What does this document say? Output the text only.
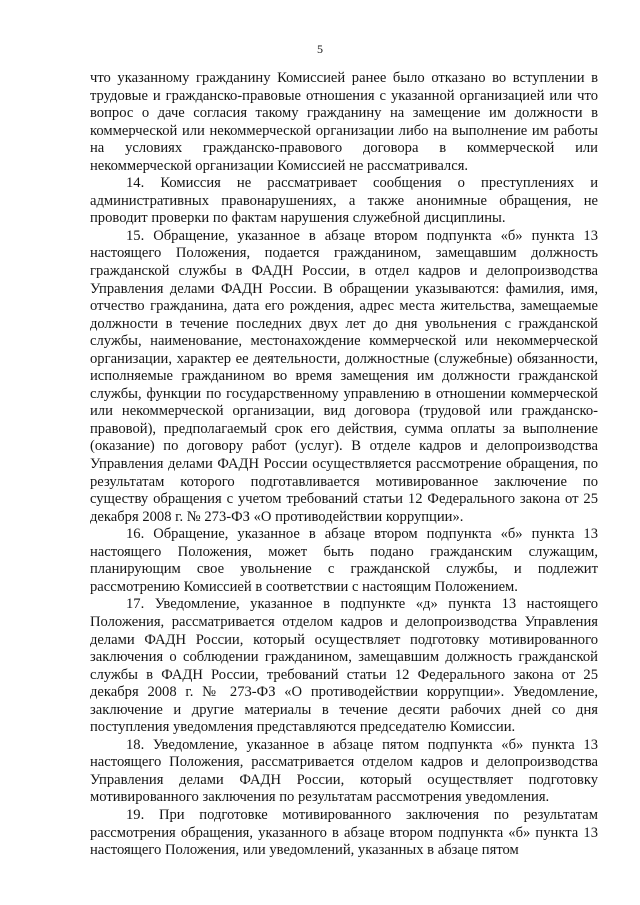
5

что указанному гражданину Комиссией ранее было отказано во вступлении в трудовые и гражданско-правовые отношения с указанной организацией или что вопрос о даче согласия такому гражданину на замещение им должности в коммерческой или некоммерческой организации либо на выполнение им работы на условиях гражданско-правового договора в коммерческой или некоммерческой организации Комиссией не рассматривался.

14. Комиссия не рассматривает сообщения о преступлениях и административных правонарушениях, а также анонимные обращения, не проводит проверки по фактам нарушения служебной дисциплины.

15. Обращение, указанное в абзаце втором подпункта «б» пункта 13 настоящего Положения, подается гражданином, замещавшим должность гражданской службы в ФАДН России, в отдел кадров и делопроизводства Управления делами ФАДН России. В обращении указываются: фамилия, имя, отчество гражданина, дата его рождения, адрес места жительства, замещаемые должности в течение последних двух лет до дня увольнения с гражданской службы, наименование, местонахождение коммерческой или некоммерческой организации, характер ее деятельности, должностные (служебные) обязанности, исполняемые гражданином во время замещения им должности гражданской службы, функции по государственному управлению в отношении коммерческой или некоммерческой организации, вид договора (трудовой или гражданско-правовой), предполагаемый срок его действия, сумма оплаты за выполнение (оказание) по договору работ (услуг). В отделе кадров и делопроизводства Управления делами ФАДН России осуществляется рассмотрение обращения, по результатам которого подготавливается мотивированное заключение по существу обращения с учетом требований статьи 12 Федерального закона от 25 декабря 2008 г. № 273-ФЗ «О противодействии коррупции».

16. Обращение, указанное в абзаце втором подпункта «б» пункта 13 настоящего Положения, может быть подано гражданским служащим, планирующим свое увольнение с гражданской службы, и подлежит рассмотрению Комиссией в соответствии с настоящим Положением.

17. Уведомление, указанное в подпункте «д» пункта 13 настоящего Положения, рассматривается отделом кадров и делопроизводства Управления делами ФАДН России, который осуществляет подготовку мотивированного заключения о соблюдении гражданином, замещавшим должность гражданской службы в ФАДН России, требований статьи 12 Федерального закона от 25 декабря 2008 г. № 273-ФЗ «О противодействии коррупции». Уведомление, заключение и другие материалы в течение десяти рабочих дней со дня поступления уведомления представляются председателю Комиссии.

18. Уведомление, указанное в абзаце пятом подпункта «б» пункта 13 настоящего Положения, рассматривается отделом кадров и делопроизводства Управления делами ФАДН России, который осуществляет подготовку мотивированного заключения по результатам рассмотрения уведомления.

19. При подготовке мотивированного заключения по результатам рассмотрения обращения, указанного в абзаце втором подпункта «б» пункта 13 настоящего Положения, или уведомлений, указанных в абзаце пятом
